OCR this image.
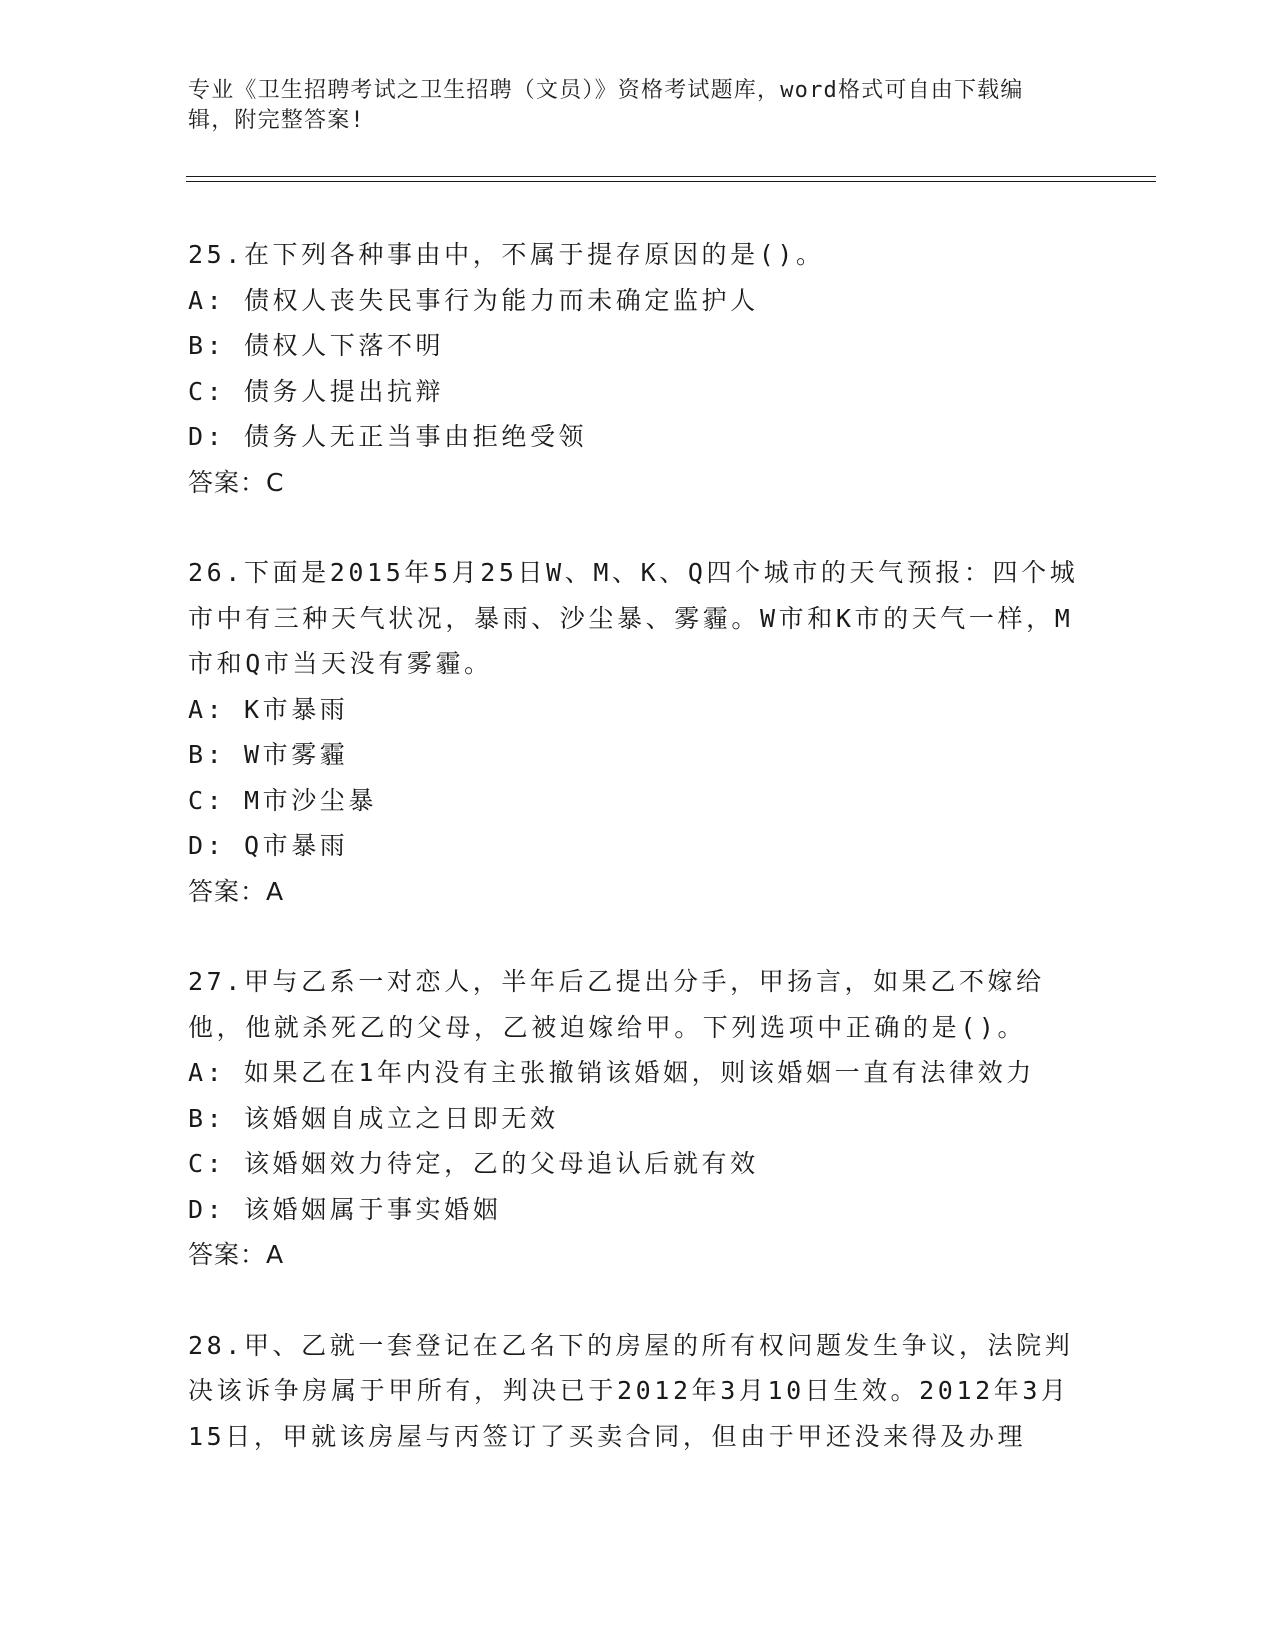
专业《卫生招聘考试之卫生招聘（文员）》资格考试题库，word格式可自由下载编辑，附完整答案!

25.在下列各种事由中，不属于提存原因的是()。

A: 债权人丧失民事行为能力而未确定监护人

B: 债权人下落不明

C: 债务人提出抗辩

D: 债务人无正当事由拒绝受领

答案：C

26.下面是2015年5月25日W、M、K、Q四个城市的天气预报：四个城市中有三种天气状况，暴雨、沙尘暴、雾霾。W市和K市的天气一样，M市和Q市当天没有雾霾。

A: K市暴雨

B: W市雾霾

C: M市沙尘暴

D: Q市暴雨

答案：A

27.甲与乙系一对恋人，半年后乙提出分手，甲扬言，如果乙不嫁给他，他就杀死乙的父母，乙被迫嫁给甲。下列选项中正确的是()。

A: 如果乙在1年内没有主张撤销该婚姻，则该婚姻一直有法律效力

B: 该婚姻自成立之日即无效

C: 该婚姻效力待定，乙的父母追认后就有效

D: 该婚姻属于事实婚姻

答案：A

28.甲、乙就一套登记在乙名下的房屋的所有权问题发生争议，法院判决该诉争房属于甲所有，判决已于2012年3月10日生效。2012年3月15日，甲就该房屋与丙签订了买卖合同，但由于甲还没来得及办理
